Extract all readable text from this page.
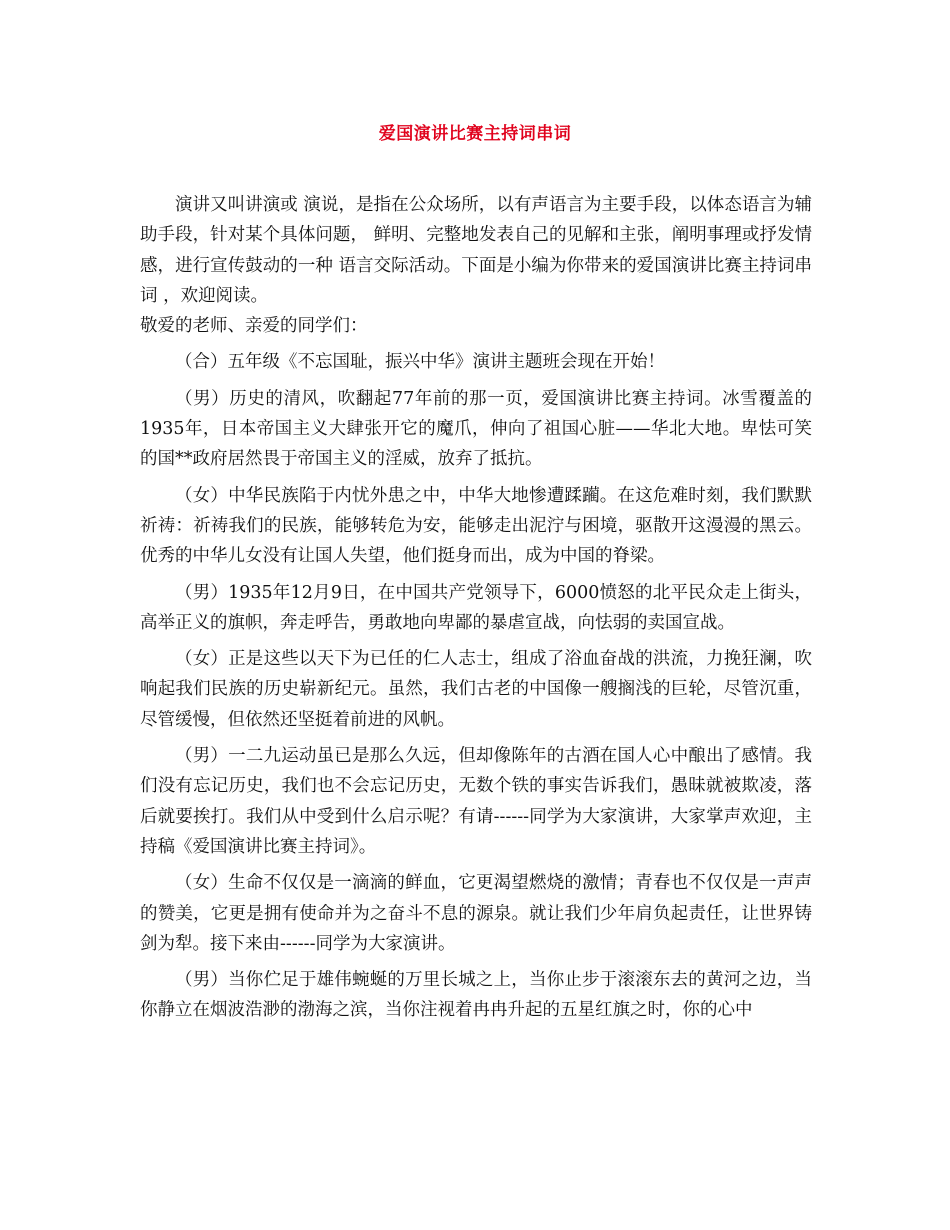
爱国演讲比赛主持词串词

演讲又叫讲演或 演说，是指在公众场所，以有声语言为主要手段，以体态语言为辅助手段，针对某个具体问题， 鲜明、完整地发表自己的见解和主张，阐明事理或抒发情感，进行宣传鼓动的一种 语言交际活动。下面是小编为你带来的爱国演讲比赛主持词串词 ，欢迎阅读。

敬爱的老师、亲爱的同学们：

（合）五年级《不忘国耻，振兴中华》演讲主题班会现在开始！

（男）历史的清风，吹翻起77年前的那一页，爱国演讲比赛主持词。冰雪覆盖的1935年，日本帝国主义大肆张开它的魔爪，伸向了祖国心脏——华北大地。卑怯可笑的国**政府居然畏于帝国主义的淫威，放弃了抵抗。

（女）中华民族陷于内忧外患之中，中华大地惨遭蹂躏。在这危难时刻，我们默默祈祷：祈祷我们的民族，能够转危为安，能够走出泥泞与困境，驱散开这漫漫的黑云。优秀的中华儿女没有让国人失望，他们挺身而出，成为中国的脊梁。

（男）1935年12月9日，在中国共产党领导下，6000愤怒的北平民众走上街头，高举正义的旗帜，奔走呼告，勇敢地向卑鄙的暴虐宣战，向怯弱的卖国宣战。

（女）正是这些以天下为已任的仁人志士，组成了浴血奋战的洪流，力挽狂澜，吹响起我们民族的历史崭新纪元。虽然，我们古老的中国像一艘搁浅的巨轮，尽管沉重，尽管缓慢，但依然还坚挺着前进的风帆。

（男）一二九运动虽已是那么久远，但却像陈年的古酒在国人心中酿出了感情。我们没有忘记历史，我们也不会忘记历史，无数个铁的事实告诉我们，愚昧就被欺凌，落后就要挨打。我们从中受到什么启示呢？有请------同学为大家演讲，大家掌声欢迎，主持稿《爱国演讲比赛主持词》。

（女）生命不仅仅是一滴滴的鲜血，它更渴望燃烧的激情；青春也不仅仅是一声声的赞美，它更是拥有使命并为之奋斗不息的源泉。就让我们少年肩负起责任，让世界铸剑为犁。接下来由------同学为大家演讲。

（男）当你伫足于雄伟蜿蜒的万里长城之上，当你止步于滚滚东去的黄河之边，当你静立在烟波浩渺的渤海之滨，当你注视着冉冉升起的五星红旗之时，你的心中
